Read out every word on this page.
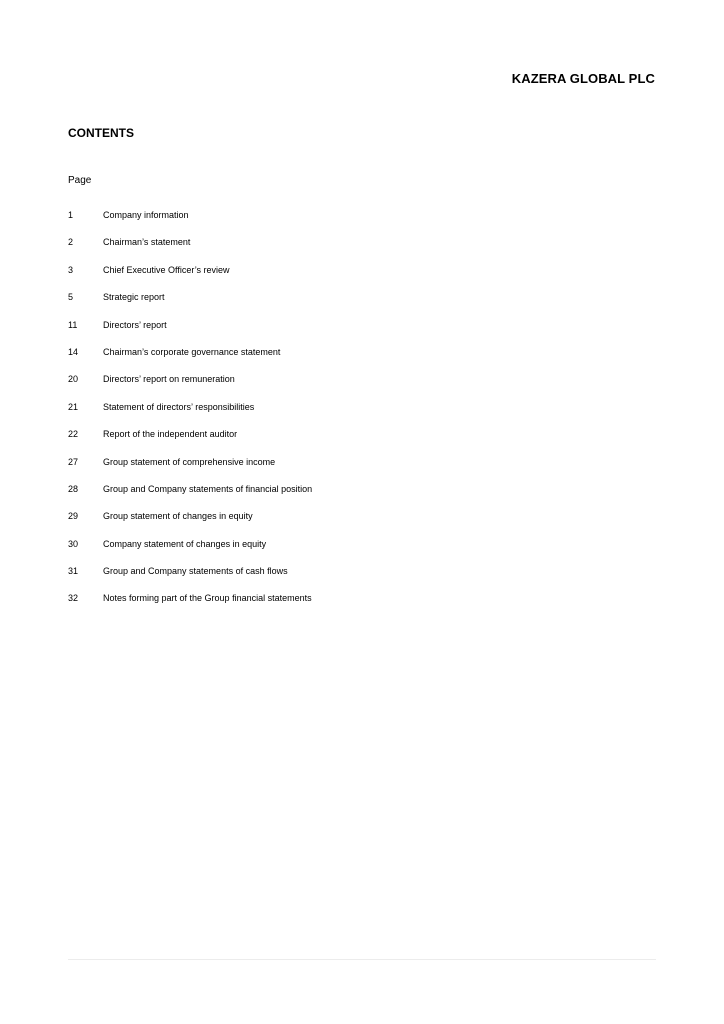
KAZERA GLOBAL PLC
CONTENTS
Page
1	Company information
2	Chairman’s statement
3	Chief Executive Officer’s review
5	Strategic report
11	Directors’ report
14	Chairman’s corporate governance statement
20	Directors’ report on remuneration
21	Statement of directors’ responsibilities
22	Report of the independent auditor
27	Group statement of comprehensive income
28	Group and Company statements of financial position
29	Group statement of changes in equity
30	Company statement of changes in equity
31	Group and Company statements of cash flows
32	Notes forming part of the Group financial statements
